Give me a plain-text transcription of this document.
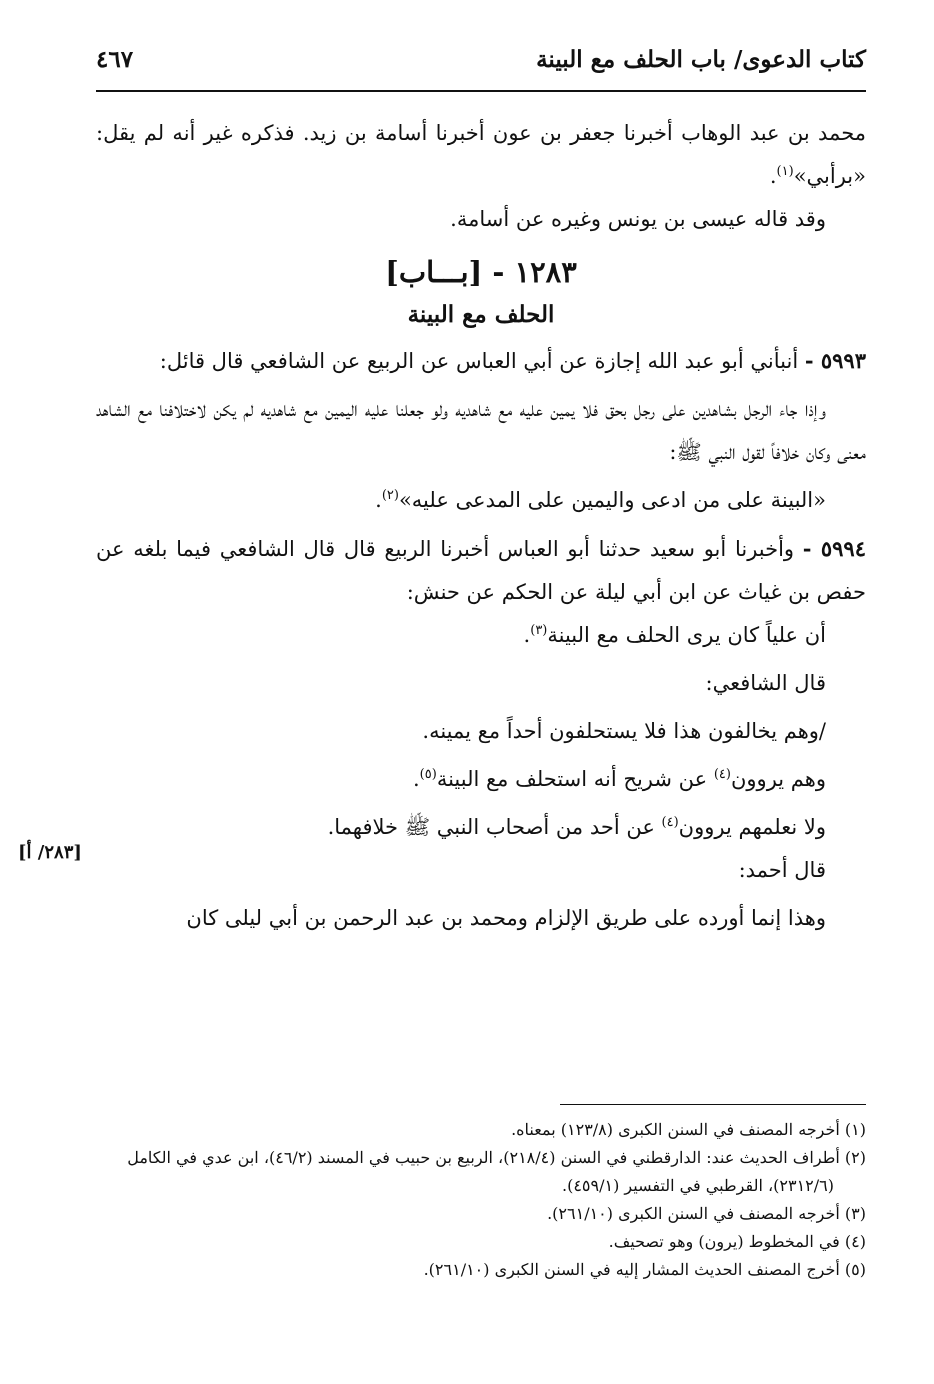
كتاب الدعوى/ باب الحلف مع البينة
٤٦٧

محمد بن عبد الوهاب أخبرنا جعفر بن عون أخبرنا أسامة بن زيد. فذكره غير أنه لم يقل: «برأبي»$^{(١)}$.

وقد قاله عيسى بن يونس وغيره عن أسامة.

١٢٨٣ - [بـــاب]
الحلف مع البينة

٥٩٩٣ - أنبأني أبو عبد الله إجازة عن أبي العباس عن الربيع عن الشافعي قال قائل:

وإذا جاء الرجل بشاهدين على رجل بحق فلا يمين عليه مع شاهديه ولو جعلنا عليه اليمين مع شاهديه لم يكن لاختلافنا مع الشاهد معنى وكان خلافاً لقول النبي ﷺ:

«البينة على من ادعى واليمين على المدعى عليه»$^{(٢)}$.

٥٩٩٤ - وأخبرنا أبو سعيد حدثنا أبو العباس أخبرنا الربيع قال قال الشافعي فيما بلغه عن حفص بن غياث عن ابن أبي ليلة عن الحكم عن حنش:

أن علياً كان يرى الحلف مع البينة$^{(٣)}$.

قال الشافعي:

/وهم يخالفون هذا فلا يستحلفون أحداً مع يمينه.

وهم يروون$^{(٤)}$ عن شريح أنه استحلف مع البينة$^{(٥)}$.

ولا نعلمهم يروون$^{(٤)}$ عن أحد من أصحاب النبي ﷺ خلافهما.

قال أحمد:

وهذا إنما أورده على طريق الإلزام ومحمد بن عبد الرحمن بن أبي ليلى كان

[٢٨٣/ أ]

(١) أخرجه المصنف في السنن الكبرى (١٢٣/٨) بمعناه.

(٢) أطراف الحديث عند: الدارقطني في السنن (٢١٨/٤)، الربيع بن حبيب في المسند (٤٦/٢)، ابن عدي في الكامل (٢٣١٢/٦)، القرطبي في التفسير (٤٥٩/١).

(٣) أخرجه المصنف في السنن الكبرى (٢٦١/١٠).

(٤) في المخطوط (يرون) وهو تصحيف.

(٥) أخرج المصنف الحديث المشار إليه في السنن الكبرى (٢٦١/١٠).
